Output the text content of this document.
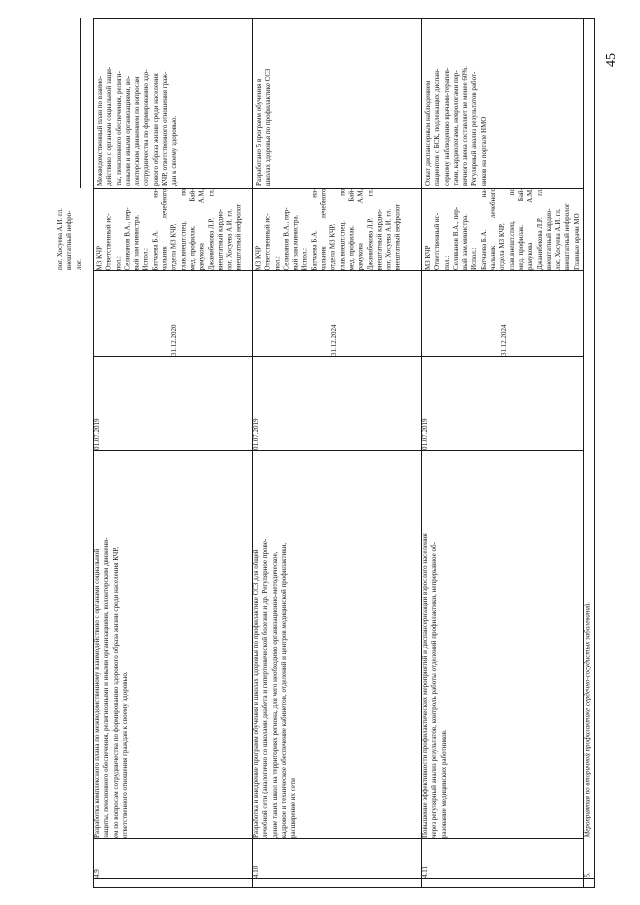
45
пог. Хосуева А.И. гл. внештатный нефро- лог.
4.9
Разработка комплексного плана по межведомственному взаимодействию с органами социальной защиты, пенсионного обеспечения, религиозными и иными организациями, волонтерским движени- ем по вопросам сотрудничества по формированию здорового образа жизни среди населения КЧР, ответственного отношения граждан к своему здоровью.
01.07.2019
31.12.2020
МЗ КЧР Ответственный ис- пол.: Селиванов В.А., пер- вый зам министра. Испол.: Батчаева Б.А.
на-
чальник
лечебного
отдела МЗ КЧР, глав.внешт.спец.
по
мед. профилак.
Бай-
рамукова
А.М,
Джанибекова Л.Р.
гл.
внештатный кардио- лог, Хосуева А.И. гл. внештатный нефролог
Межведомственный план по взаимо- действию с органами социальной защи- ты, пенсионного обеспечения, религи- озными и иными организациями, во- лонтерским движением по вопросам сотрудничества по формированию здо- рового образа жизни среди населения КЧР, ответственного отношения граж- дан к своему здоровью.
4.10
Разработка и внедрение программ обучения в школах здоровья по профилактике ССЗ для общей лечебной сети (аналогично со школами диабета и гипертонической болезни и др. Регулярное прове- дение таких школ на территориях региона, для чего необходимо организационно-методическое, кадровое и техническое обеспечение кабинетов, отделений и центров медицинской профилактики, расширение их сети
01.07.2019
31.12.2024
МЗ КЧР Ответственный ис- пол.: Селиванов В.А., пер- вый зам.министра. Испол.: Батчаева Б.А.
на-
чальник
лечебного
отдела МЗ КЧР, глав.внешт.спец.
по
мед. профилак.
Бай-
рамукова
А.М,
Джанибекова Л.Р.
гл.
внештатный кардио- лог, Хосуева А.И. гл. внештатный нефролог
Разработано 5 программ обучения в школах здоровья по профилактике ССЗ
4.11
Повышение эффективности профилактических мероприятий и диспансеризации взрослого населения через регулярный анализ результатов, контроль работы отделений профилактики, непрерывное об- разование медицинских работников.
01.07.2019
31.12.2024
МЗ КЧР Ответственный ис- пол.: Селиванов В.А., пер- вый зам.министра. Испол.: Батчаева Б.А.
на-
чальник
лечебного
отдела МЗ КЧР, глав.внешт.спец.
по
мед. профилак.
Бай-
рамукова
А.М,
Джанибекова Л.Р.
гл.
внештатный кардио- лог, Хосуева А.И. гл. внештатный нефролог Главные врачи МО
Охват диспансерным наблюдением пациентов с БСК, подлежащих диспан- серному наблюдению врачами-терапев- тами, кардиологами, неврологами пер- вичного звена составляет не менее 60%. Регулярный анализ результатов работ- ников на портале НМО
5.
Мероприятия по вторичной профилактике сердечно-сосудистых заболеваний.
